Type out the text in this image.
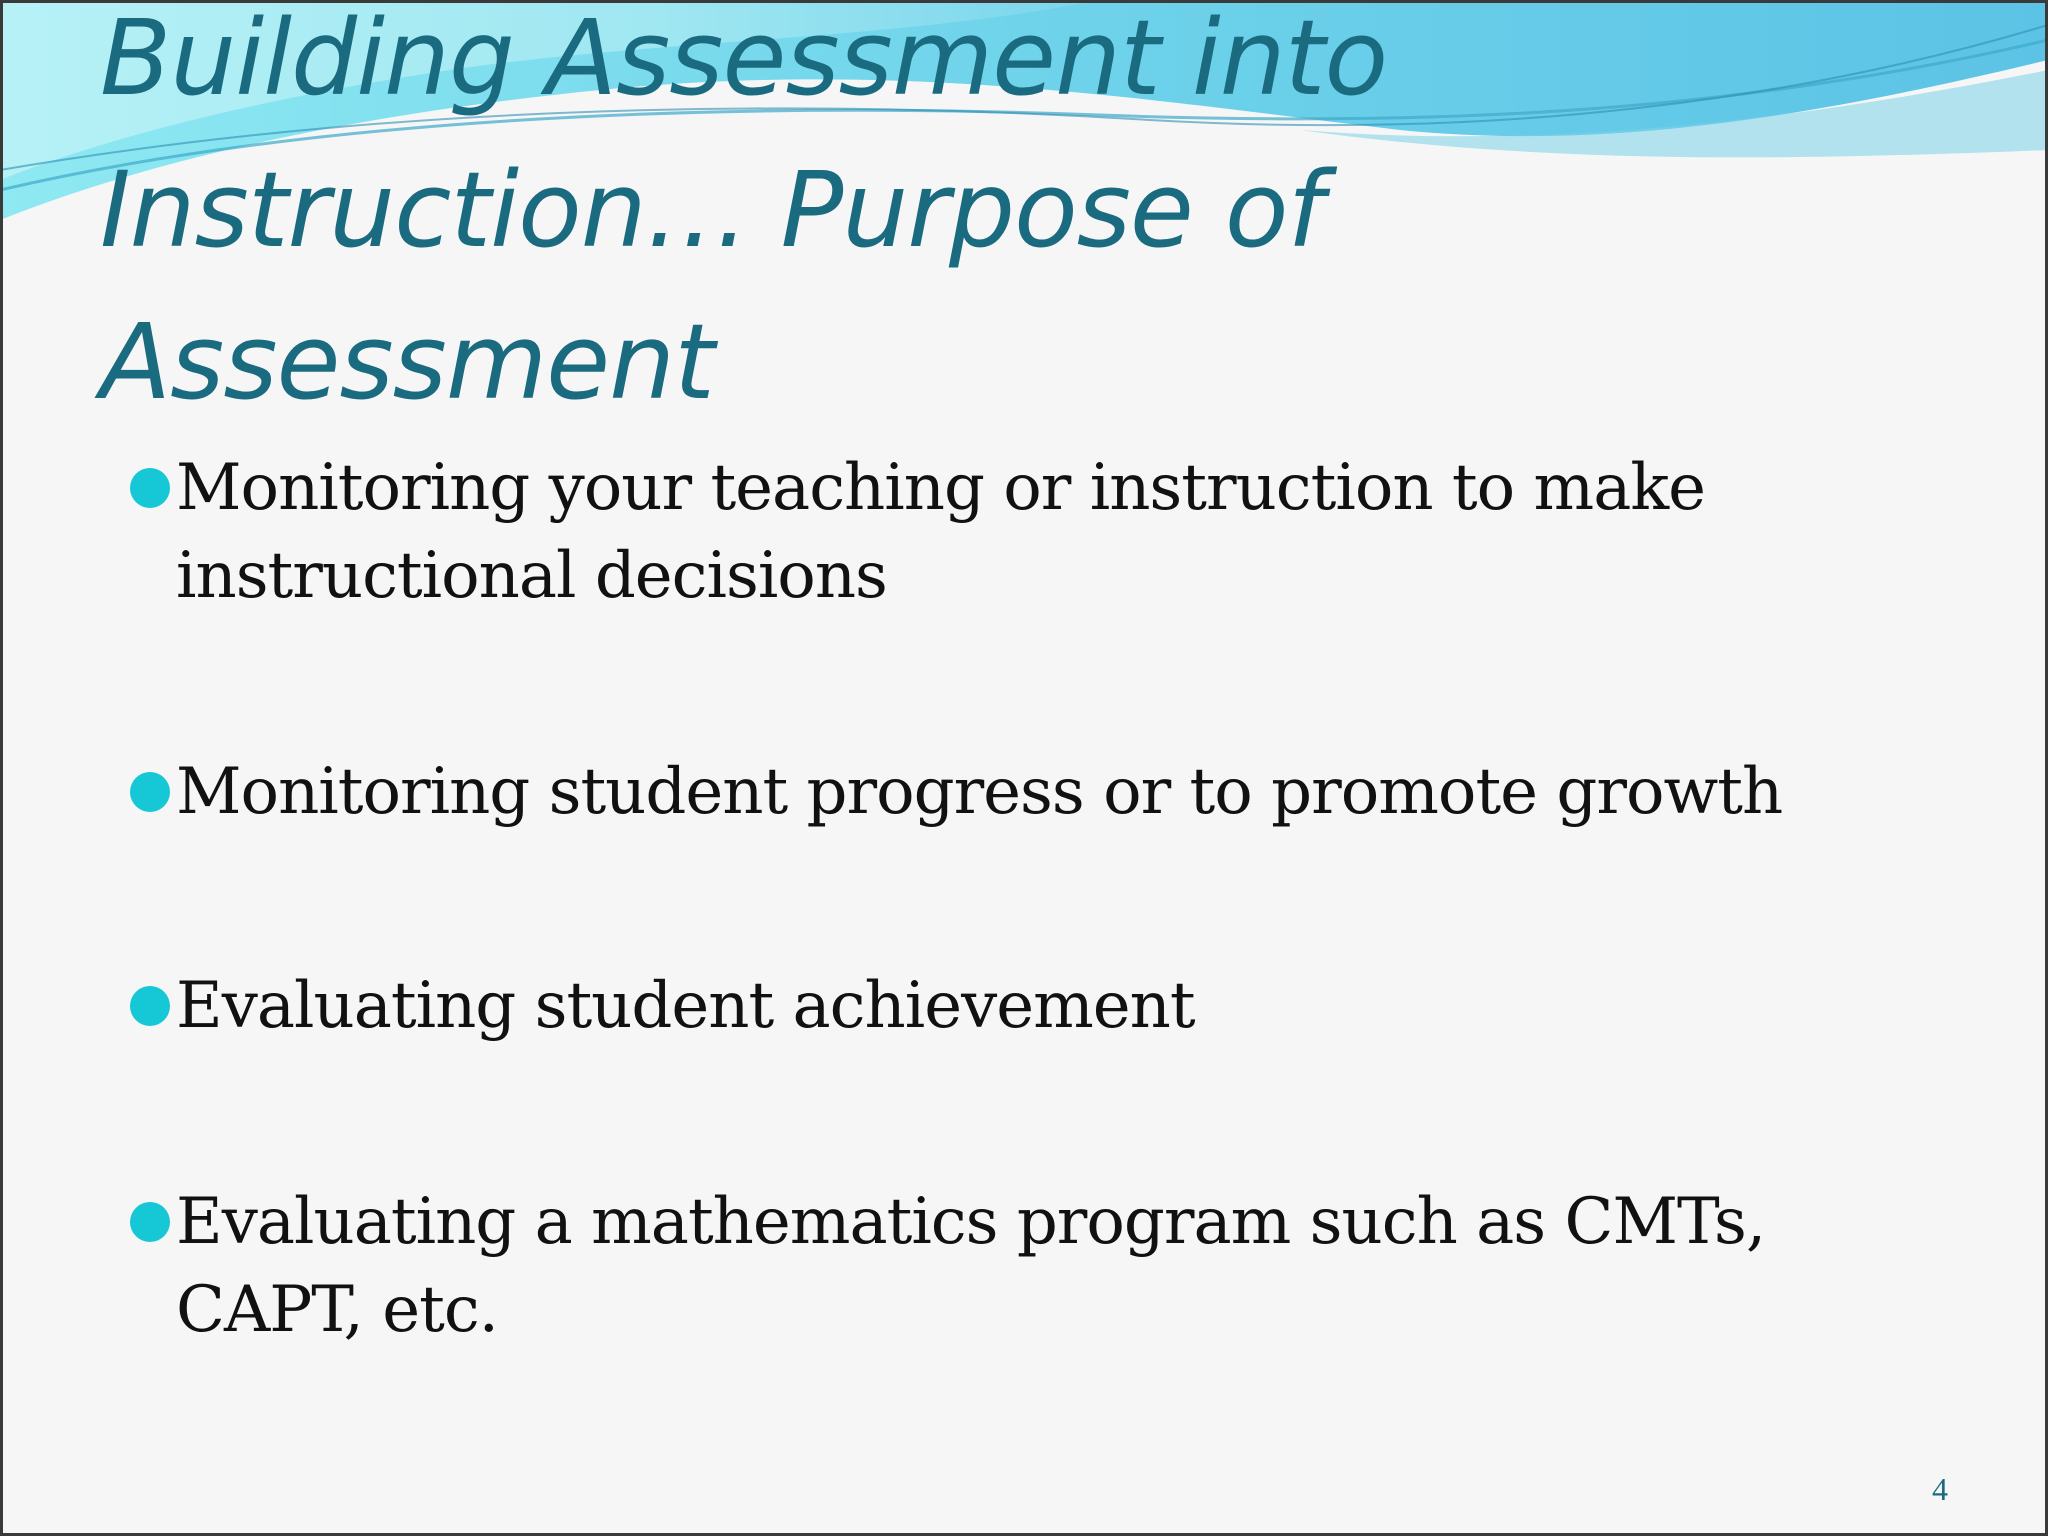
Building Assessment into Instruction… Purpose of Assessment
Monitoring your teaching or instruction to make instructional decisions
Monitoring student progress or to promote growth
Evaluating student achievement
Evaluating a mathematics program such as CMTs, CAPT, etc.
4
